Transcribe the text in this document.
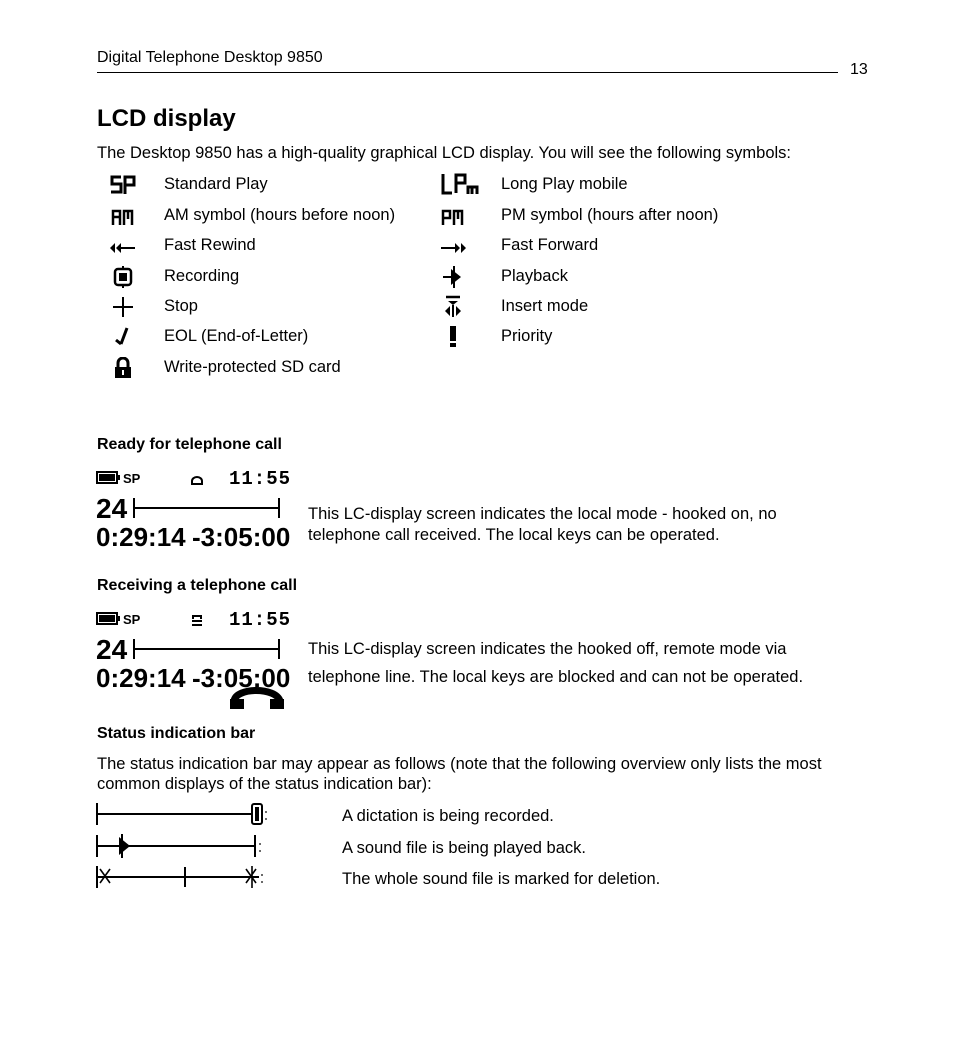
Digital Telephone Desktop 9850
13
LCD display
The Desktop 9850 has a high-quality graphical LCD display. You will see the following symbols:
Standard Play
AM symbol (hours before noon)
Fast Rewind
Recording
Stop
EOL (End-of-Letter)
Write-protected SD card
Long Play mobile
PM symbol (hours after noon)
Fast Forward
Playback
Insert mode
Priority
Ready for telephone call
SP	11:55
24
0:29:14 -3:05:00
This LC-display screen indicates the local mode - hooked on, no
telephone call received. The local keys can be operated.
Receiving a telephone call
SP	11:55
24
0:29:14 -3:05:00
This LC-display screen indicates the hooked off, remote mode via
telephone line. The local keys are blocked and can not be operated.
Status indication bar
The status indication bar may appear as follows (note that the following overview only lists the most common displays of the status indication bar):
A dictation is being recorded.
A sound file is being played back.
The whole sound file is marked for deletion.
